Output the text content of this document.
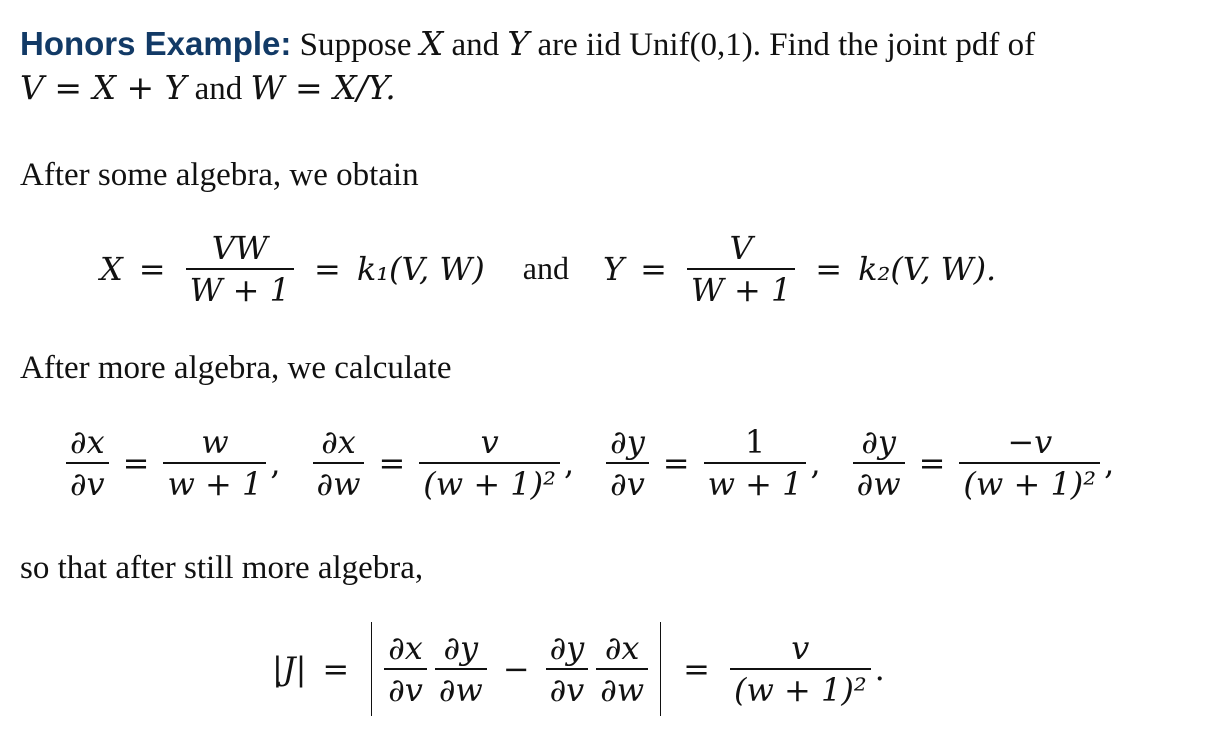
Honors Example: Suppose X and Y are iid Unif(0,1). Find the joint pdf of
V = X + Y and W = X/Y.
After some algebra, we obtain
$X = \frac{VW}{W + 1} = k_1(V$, W) and $Y = \frac{V}{W + 1} = k_2(V$, W).
After more algebra, we calculate
$\frac{\partial x}{\partial v} = \frac{w}{w + 1}$ , $\frac{\partial x}{\partial w} = \frac{v}{\text{(w + 1)²}}$ , $\frac{\partial y}{\partial v} = \frac{1}{w + 1}$ , $\frac{\partial y}{\partial w} = \frac{-v}{\text{(w + 1)²}}$ ,
so that after still more algebra,
$|J| = \frac{\partial x}{\partial v} \frac{\partial y}{\partial w} - \frac{\partial y}{\partial v} \frac{\partial x}{\partial w} = \frac{v}{\text{(w + 1)²}}$ .
